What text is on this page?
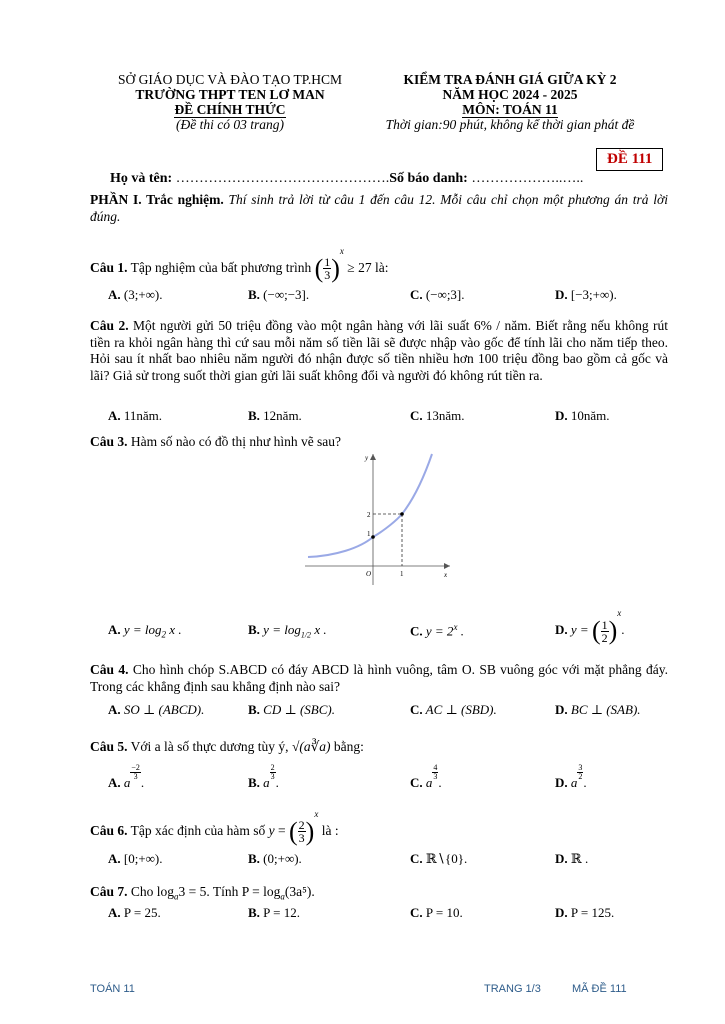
SỞ GIÁO DỤC VÀ ĐÀO TẠO TP.HCM
TRƯỜNG THPT TEN LƠ MAN
ĐỀ CHÍNH THỨC
(Đề thi có 03 trang)
KIỂM TRA ĐÁNH GIÁ GIỮA KỲ 2
NĂM HỌC 2024 - 2025
MÔN: TOÁN 11
Thời gian:90 phút, không kể thời gian phát đề
ĐỀ 111
Họ và tên: ……………………………………….Số báo danh: ………………..…..
PHẦN I. Trắc nghiệm. Thí sinh trả lời từ câu 1 đến câu 12. Mỗi câu chỉ chọn một phương án trả lời đúng.
Câu 1. Tập nghiệm của bất phương trình ( $\frac{1}{3} )^x \ge 27$ là:
A. (3;+∞).	B. (−∞;−3].	C. (−∞;3].	D. [−3;+∞).
Câu 2. Một người gửi 50 triệu đồng vào một ngân hàng với lãi suất 6% / năm. Biết rằng nếu không rút tiền ra khỏi ngân hàng thì cứ sau mỗi năm số tiền lãi sẽ được nhập vào gốc để tính lãi cho năm tiếp theo. Hỏi sau ít nhất bao nhiêu năm người đó nhận được số tiền nhiều hơn 100 triệu đồng bao gồm cả gốc và lãi? Giả sử trong suốt thời gian gửi lãi suất không đổi và người đó không rút tiền ra.
A. 11năm.	B. 12năm.	C. 13năm.	D. 10năm.
Câu 3. Hàm số nào có đồ thị như hình vẽ sau?
y
x
O
2
1
1
A. $y = \log_2 x$ .	B. $y = \log_{1/2} x$ .	C. $y = 2^x$ .	D. y = ( $\frac{1}{2} )^x$.
Câu 4. Cho hình chóp S.ABCD có đáy ABCD là hình vuông, tâm O. SB vuông góc với mặt phẳng đáy. Trong các khẳng định sau khẳng định nào sai?
A. SO ⊥ (ABCD).	B. CD ⊥ (SBC).	C. AC ⊥ (SBD).	D. BC ⊥ (SAB).
Câu 5. Với a là số thực dương tùy ý, √(a∛a) bằng:
A. a
$\frac{-2}{3}$
.	B. a
$\frac{2}{3}$
.	C. a
$\frac{4}{3}$
.	D. a
$\frac{3}{2}$
.
Câu 6. Tập xác định của hàm số y = ( $\frac{2}{3} )^x$ là :
A. [0;+∞).	B. (0;+∞).	C. ℝ∖{0}.	D. ℝ .
Câu 7. Cho $\log_a3 = 5$. Tính $P = \log_a(3a^5)$.
A. P = 25.	B. P = 12.	C. P = 10.	D. P = 125.
TOÁN 11	TRANG 1/3	MÃ ĐỀ 111
